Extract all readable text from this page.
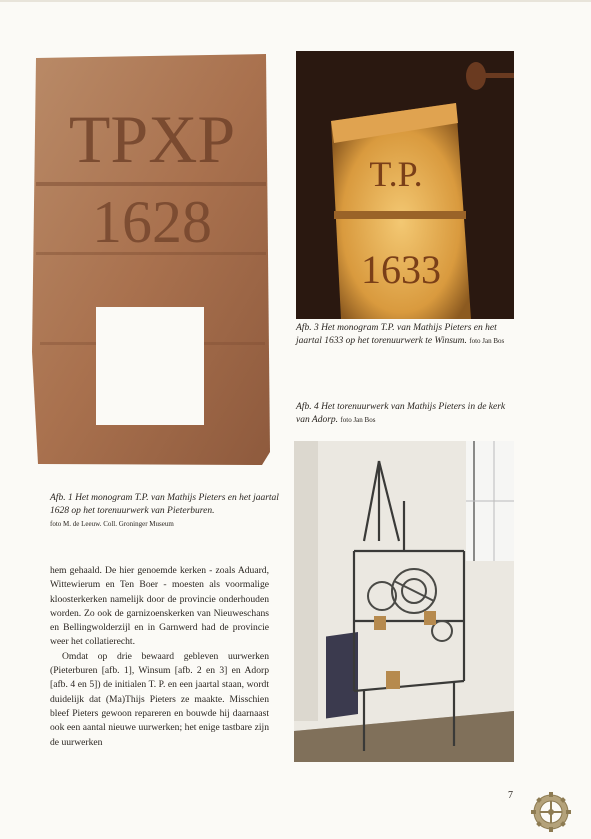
TPXP
1628
Afb. 1 Het monogram T.P. van Mathijs Pieters en het jaartal 1628 op het torenuurwerk van Pieterburen.
foto M. de Leeuw. Coll. Groninger Museum
T.P.
1633
Afb. 3 Het monogram T.P. van Mathijs Pieters en het jaartal 1633 op het torenuurwerk te Winsum. foto Jan Bos
Afb. 4 Het torenuurwerk van Mathijs Pieters in de kerk van Adorp. foto Jan Bos

hem gehaald. De hier genoemde kerken - zoals Aduard, Wittewierum en Ten Boer - moesten als voormalige kloosterkerken namelijk door de provincie onderhouden worden. Zo ook de garnizoenskerken van Nieuweschans en Bellingwolderzijl en in Garnwerd had de provincie weer het collatierecht.

Omdat op drie bewaard gebleven uurwerken (Pieterburen [afb. 1], Winsum [afb. 2 en 3] en Adorp [afb. 4 en 5]) de initialen T. P. en een jaartal staan, wordt duidelijk dat (Ma)Thijs Pieters ze maakte. Misschien bleef Pieters gewoon repareren en bouwde hij daarnaast ook een aantal nieuwe uurwerken; het enige tastbare zijn de uurwerken

7
